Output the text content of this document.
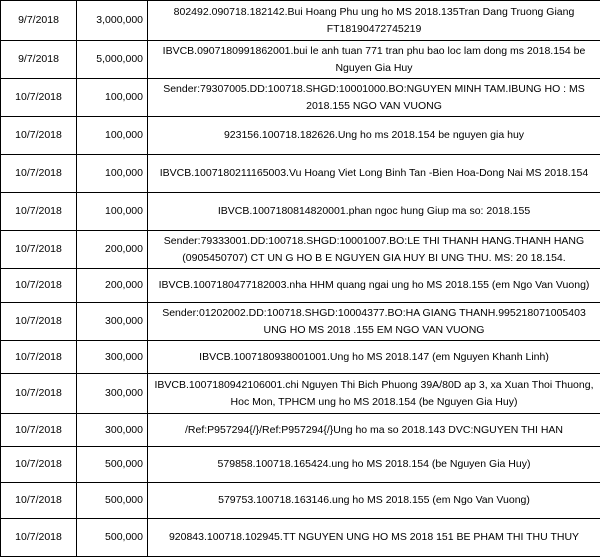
9/7/2018	3,000,000	802492.090718.182142.Bui Hoang Phu ung ho MS 2018.135Tran Dang Truong Giang FT18190472745219
9/7/2018	5,000,000	IBVCB.0907180991862001.bui le anh tuan 771 tran phu bao loc lam dong ms 2018.154 be Nguyen Gia Huy
10/7/2018	100,000	Sender:79307005.DD:100718.SHGD:10001000.BO:NGUYEN MINH TAM.IBUNG HO : MS 2018.155 NGO VAN VUONG
10/7/2018	100,000	923156.100718.182626.Ung ho ms 2018.154 be nguyen gia huy
10/7/2018	100,000	IBVCB.1007180211165003.Vu Hoang Viet Long Binh Tan -Bien Hoa-Dong Nai MS 2018.154
10/7/2018	100,000	IBVCB.1007180814820001.phan ngoc hung Giup ma so: 2018.155
10/7/2018	200,000	Sender:79333001.DD:100718.SHGD:10001007.BO:LE THI THANH HANG.THANH HANG (0905450707) CT UN G HO B E NGUYEN GIA HUY BI UNG THU. MS: 20 18.154.
10/7/2018	200,000	IBVCB.1007180477182003.nha HHM quang ngai ung ho MS 2018.155 (em Ngo Van Vuong)
10/7/2018	300,000	Sender:01202002.DD:100718.SHGD:10004377.BO:HA GIANG THANH.995218071005403 UNG HO MS 2018 .155 EM NGO VAN VUONG
10/7/2018	300,000	IBVCB.1007180938001001.Ung ho MS 2018.147 (em Nguyen Khanh Linh)
10/7/2018	300,000	IBVCB.1007180942106001.chi Nguyen Thi Bich Phuong 39A/80D ap 3, xa Xuan Thoi Thuong, Hoc Mon, TPHCM ung ho MS 2018.154 (be Nguyen Gia Huy)
10/7/2018	300,000	/Ref:P957294{/}/Ref:P957294{/}Ung ho ma so 2018.143 DVC:NGUYEN THI HAN
10/7/2018	500,000	579858.100718.165424.ung ho MS 2018.154 (be Nguyen Gia Huy)
10/7/2018	500,000	579753.100718.163146.ung ho MS 2018.155 (em Ngo Van Vuong)
10/7/2018	500,000	920843.100718.102945.TT NGUYEN UNG HO MS 2018 151 BE PHAM THI THU THUY
